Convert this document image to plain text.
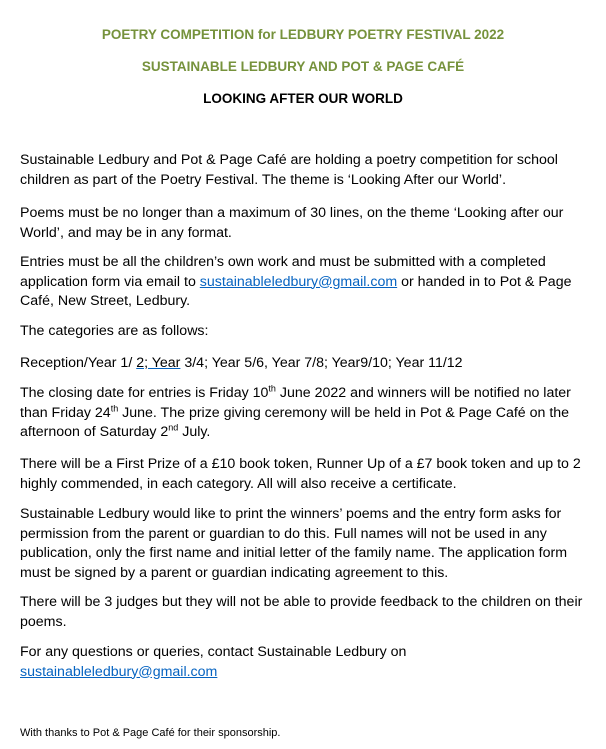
POETRY COMPETITION for LEDBURY POETRY FESTIVAL 2022
SUSTAINABLE LEDBURY AND POT & PAGE CAFÉ
LOOKING AFTER OUR WORLD

Sustainable Ledbury and Pot & Page Café are holding a poetry competition for school children as part of the Poetry Festival. The theme is ‘Looking After our World’.

Poems must be no longer than a maximum of 30 lines, on the theme ‘Looking after our World’, and may be in any format.

Entries must be all the children’s own work and must be submitted with a completed application form via email to sustainableledbury@gmail.com or handed in to Pot & Page Café, New Street, Ledbury.

The categories are as follows:

Reception/Year 1/ 2; Year 3/4; Year 5/6, Year 7/8; Year9/10; Year 11/12

The closing date for entries is Friday 10th June 2022 and winners will be notified no later than Friday 24th June. The prize giving ceremony will be held in Pot & Page Café on the afternoon of Saturday 2nd July.

There will be a First Prize of a £10 book token, Runner Up of a £7 book token and up to 2 highly commended, in each category. All will also receive a certificate.

Sustainable Ledbury would like to print the winners’ poems and the entry form asks for permission from the parent or guardian to do this. Full names will not be used in any publication, only the first name and initial letter of the family name. The application form must be signed by a parent or guardian indicating agreement to this.

There will be 3 judges but they will not be able to provide feedback to the children on their poems.

For any questions or queries, contact Sustainable Ledbury on
sustainableledbury@gmail.com

With thanks to Pot & Page Café for their sponsorship.
